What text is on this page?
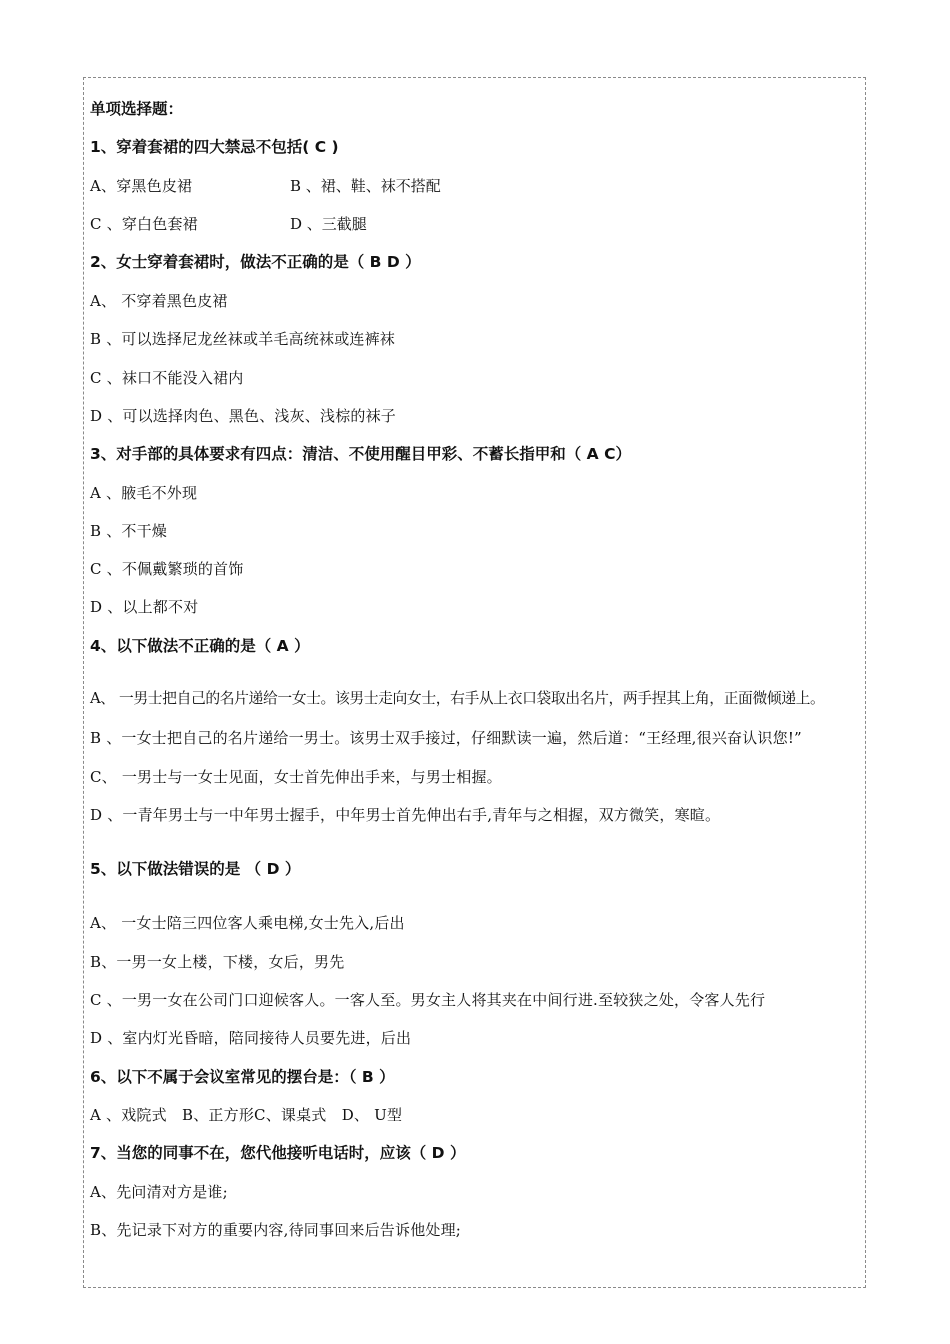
单项选择题：
1、穿着套裙的四大禁忌不包括( C )
A、穿黑色皮裙	B 、裙、鞋、袜不搭配
C 、穿白色套裙	D 、三截腿
2、女士穿着套裙时，做法不正确的是（ B D ）
A、 不穿着黑色皮裙
B 、可以选择尼龙丝袜或羊毛高统袜或连裤袜
C 、袜口不能没入裙内
D 、可以选择肉色、黑色、浅灰、浅棕的袜子
3、对手部的具体要求有四点：清洁、不使用醒目甲彩、不蓄长指甲和（ A C）
A 、腋毛不外现
B 、不干燥
C 、不佩戴繁琐的首饰
D 、以上都不对
4、以下做法不正确的是（ A ）
A、 一男士把自己的名片递给一女士。该男士走向女士，右手从上衣口袋取出名片，两手捏其上角，正面微倾递上。
B 、一女士把自己的名片递给一男士。该男士双手接过，仔细默读一遍，然后道：“王经理,很兴奋认识您!”
C、 一男士与一女士见面，女士首先伸出手来，与男士相握。
D 、一青年男士与一中年男士握手，中年男士首先伸出右手,青年与之相握，双方微笑，寒暄。
5、以下做法错误的是 （ D ）
A、 一女士陪三四位客人乘电梯,女士先入,后出
B、一男一女上楼，下楼，女后，男先
C 、一男一女在公司门口迎候客人。一客人至。男女主人将其夹在中间行进.至较狭之处，令客人先行
D 、室内灯光昏暗，陪同接待人员要先进，后出
6、以下不属于会议室常见的摆台是：（ B ）
A 、戏院式　B、正方形C、课桌式　D、 U型
7、当您的同事不在，您代他接听电话时，应该（ D ）
A、先问清对方是谁;
B、先记录下对方的重要内容,待同事回来后告诉他处理;
